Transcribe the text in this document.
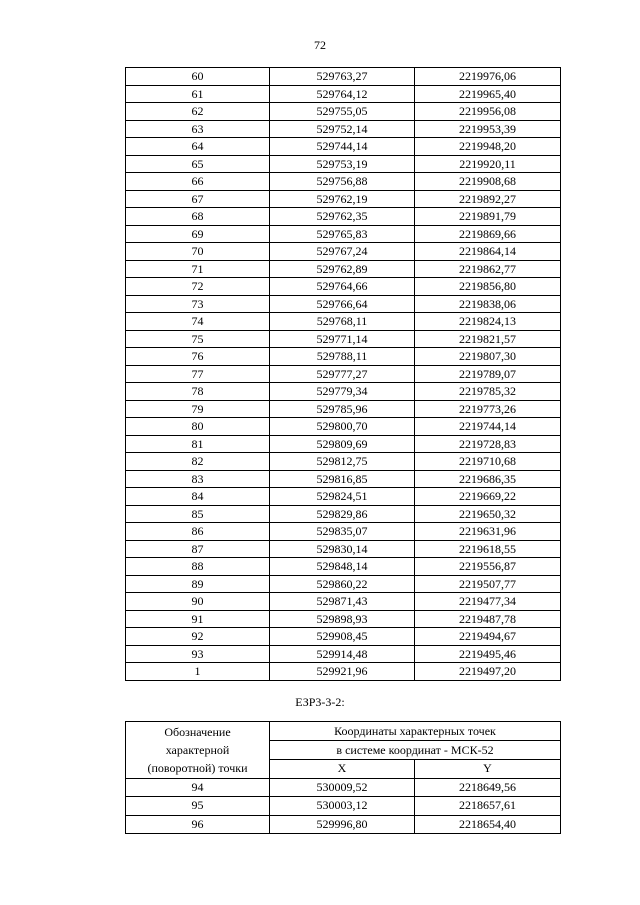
72
60	529763,27	2219976,06
61	529764,12	2219965,40
62	529755,05	2219956,08
63	529752,14	2219953,39
64	529744,14	2219948,20
65	529753,19	2219920,11
66	529756,88	2219908,68
67	529762,19	2219892,27
68	529762,35	2219891,79
69	529765,83	2219869,66
70	529767,24	2219864,14
71	529762,89	2219862,77
72	529764,66	2219856,80
73	529766,64	2219838,06
74	529768,11	2219824,13
75	529771,14	2219821,57
76	529788,11	2219807,30
77	529777,27	2219789,07
78	529779,34	2219785,32
79	529785,96	2219773,26
80	529800,70	2219744,14
81	529809,69	2219728,83
82	529812,75	2219710,68
83	529816,85	2219686,35
84	529824,51	2219669,22
85	529829,86	2219650,32
86	529835,07	2219631,96
87	529830,14	2219618,55
88	529848,14	2219556,87
89	529860,22	2219507,77
90	529871,43	2219477,34
91	529898,93	2219487,78
92	529908,45	2219494,67
93	529914,48	2219495,46
1	529921,96	2219497,20
ЕЗР3-3-2:
Обозначение
характерной
(поворотной) точки	Координаты характерных точек	

	в системе координат - МСК-52	
	X	Y
94	530009,52	2218649,56
95	530003,12	2218657,61
96	529996,80	2218654,40
